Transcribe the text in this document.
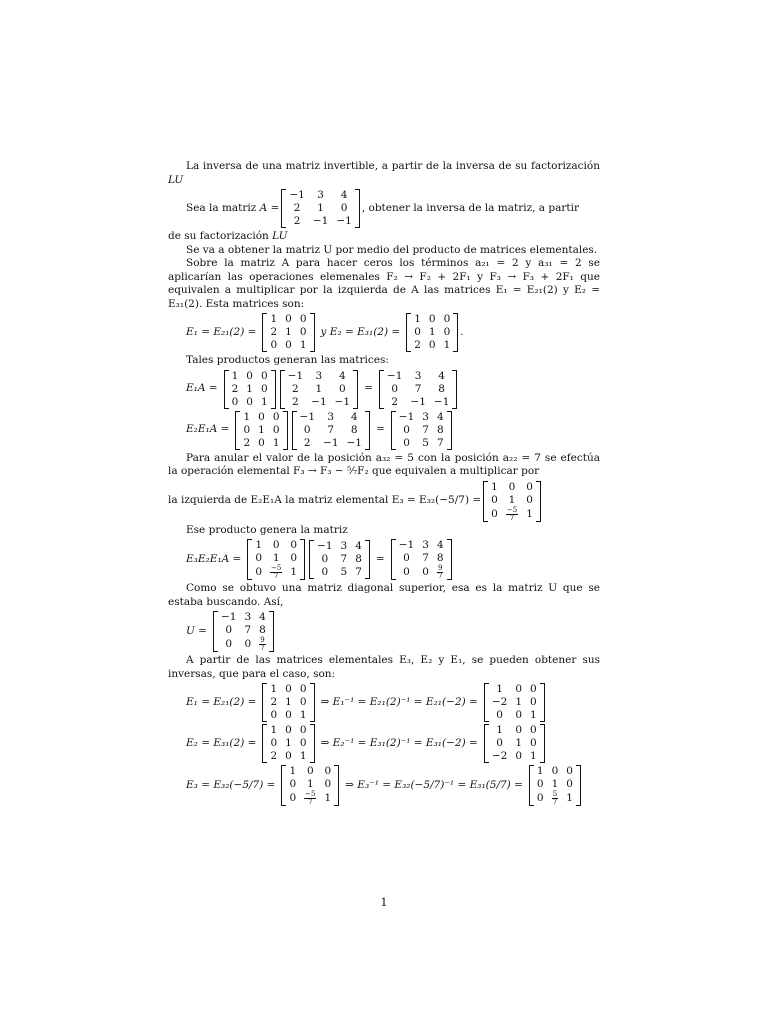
La inversa de una matriz invertible, a partir de la inversa de su factorización LU

Sea la matriz
A =
−1	3	4
2	1	0
2	−1	−1
, obtener la inversa de la matriz, a partir

de su factorización LU

Se va a obtener la matriz U por medio del producto de matrices elementales.

Sobre la matriz A para hacer ceros los términos a₂₁ = 2 y a₃₁ = 2 se aplicarían las operaciones elemenales F₂ → F₂ + 2F₁ y F₃ → F₃ + 2F₁ que equivalen a multiplicar por la izquierda de A las matrices E₁ = E₂₁(2) y E₂ = E₃₁(2). Esta matrices son:

E₁ = E₂₁(2) =
1	0	0
2	1	0
0	0	1
y E₂ = E₃₁(2) =
1	0	0
0	1	0
2	0	1
.

Tales productos generan las matrices:

E₁A =
1	0	0
2	1	0
0	0	1
−1	3	4
2	1	0
2	−1	−1
=
−1	3	4
0	7	8
2	−1	−1
E₂E₁A =
1	0	0
0	1	0
2	0	1
−1	3	4
0	7	8
2	−1	−1
=
−1	3	4
0	7	8
0	5	7

Para anular el valor de la posición a₃₂ = 5 con la posición a₂₂ = 7 se efectúa la operación elemental F₃ → F₃ − ⁵⁄₇F₂ que equivalen a multiplicar por

la izquierda de E₂E₁A la matriz elemental E₃ = E₃₂(−5/7) =
1	0	0
0	1	0
0	$\frac{-5}{7}$	1

Ese producto genera la matriz

E₃E₂E₁A =
1	0	0
0	1	0
0	$\frac{-5}{7}$	1
−1	3	4
0	7	8
0	5	7
=
−1	3	4
0	7	8
0	0	$\frac{9}{7}$

Como se obtuvo una matriz diagonal superior, esa es la matriz U que se estaba buscando. Así,

U =
−1	3	4
0	7	8
0	0	$\frac{9}{7}$

A partir de las matrices elementales E₃, E₂ y E₁, se pueden obtener sus inversas, que para el caso, son:

E₁ = E₂₁(2) =
1	0	0
2	1	0
0	0	1
⇒ E₁⁻¹ = E₂₁(2)⁻¹ = E₂₁(−2) =
1	0	0
−2	1	0
0	0	1
E₂ = E₃₁(2) =
1	0	0
0	1	0
2	0	1
⇒ E₂⁻¹ = E₃₁(2)⁻¹ = E₃₁(−2) =
1	0	0
0	1	0
−2	0	1
E₃ = E₃₂(−5/7) =
1	0	0
0	1	0
0	$\frac{-5}{7}$	1
⇒ E₃⁻¹ = E₃₂(−5/7)⁻¹ = E₃₁(5/7) =
1	0	0
0	1	0
0	$\frac{5}{7}$	1
1
